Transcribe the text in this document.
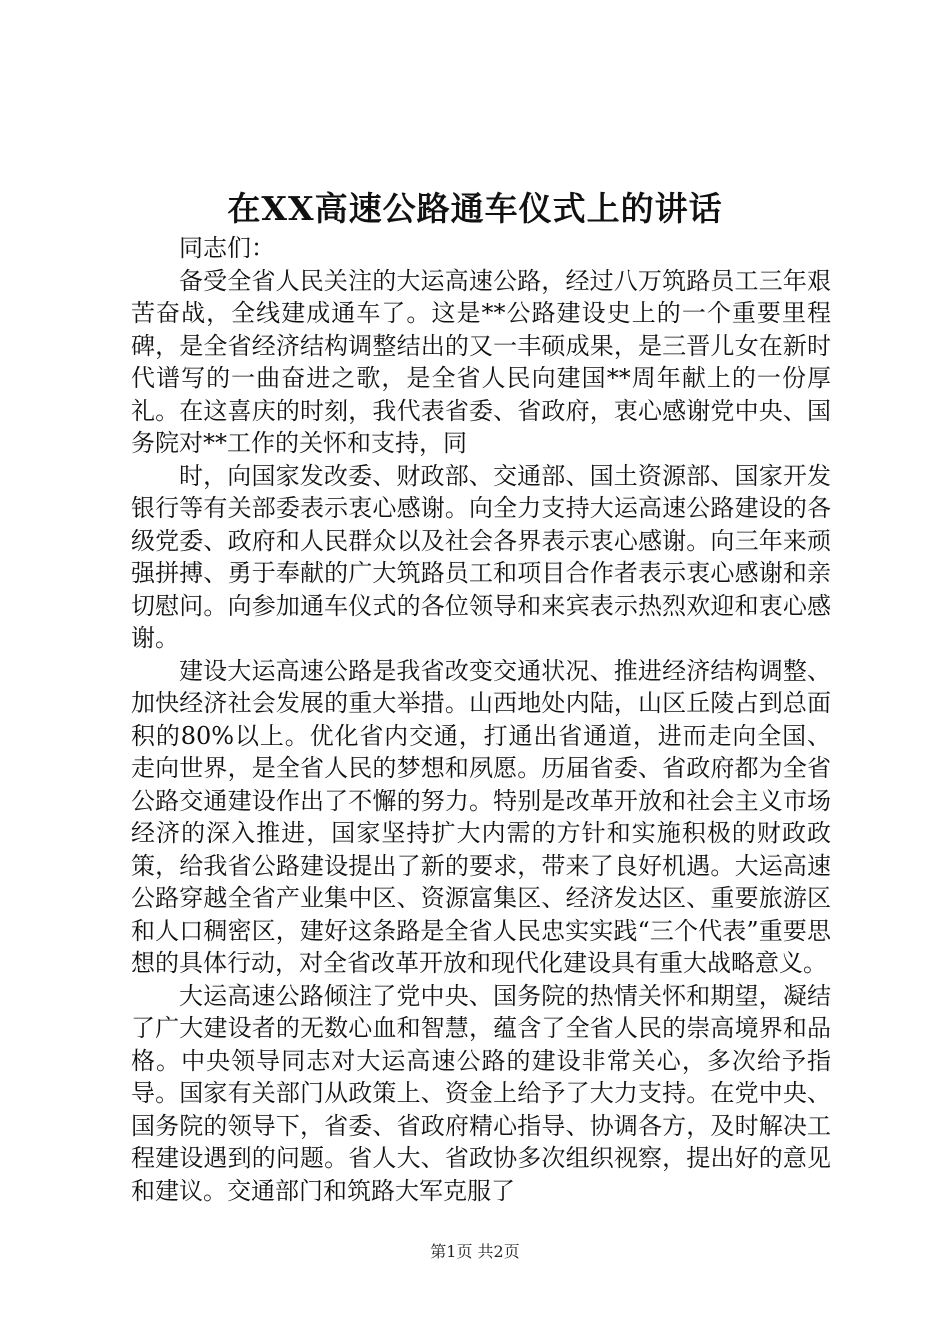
在XX高速公路通车仪式上的讲话

同志们：

备受全省人民关注的大运高速公路，经过八万筑路员工三年艰苦奋战，全线建成通车了。这是**公路建设史上的一个重要里程碑，是全省经济结构调整结出的又一丰硕成果，是三晋儿女在新时代谱写的一曲奋进之歌，是全省人民向建国**周年献上的一份厚礼。在这喜庆的时刻，我代表省委、省政府，衷心感谢党中央、国务院对**工作的关怀和支持，同

时，向国家发改委、财政部、交通部、国土资源部、国家开发银行等有关部委表示衷心感谢。向全力支持大运高速公路建设的各级党委、政府和人民群众以及社会各界表示衷心感谢。向三年来顽强拼搏、勇于奉献的广大筑路员工和项目合作者表示衷心感谢和亲切慰问。向参加通车仪式的各位领导和来宾表示热烈欢迎和衷心感谢。

建设大运高速公路是我省改变交通状况、推进经济结构调整、加快经济社会发展的重大举措。山西地处内陆，山区丘陵占到总面积的80%以上。优化省内交通，打通出省通道，进而走向全国、走向世界，是全省人民的梦想和夙愿。历届省委、省政府都为全省公路交通建设作出了不懈的努力。特别是改革开放和社会主义市场经济的深入推进，国家坚持扩大内需的方针和实施积极的财政政策，给我省公路建设提出了新的要求，带来了良好机遇。大运高速公路穿越全省产业集中区、资源富集区、经济发达区、重要旅游区和人口稠密区，建好这条路是全省人民忠实实践“三个代表”重要思想的具体行动，对全省改革开放和现代化建设具有重大战略意义。

大运高速公路倾注了党中央、国务院的热情关怀和期望，凝结了广大建设者的无数心血和智慧，蕴含了全省人民的崇高境界和品格。中央领导同志对大运高速公路的建设非常关心，多次给予指导。国家有关部门从政策上、资金上给予了大力支持。在党中央、国务院的领导下，省委、省政府精心指导、协调各方，及时解决工程建设遇到的问题。省人大、省政协多次组织视察，提出好的意见和建议。交通部门和筑路大军克服了

第1页 共2页
